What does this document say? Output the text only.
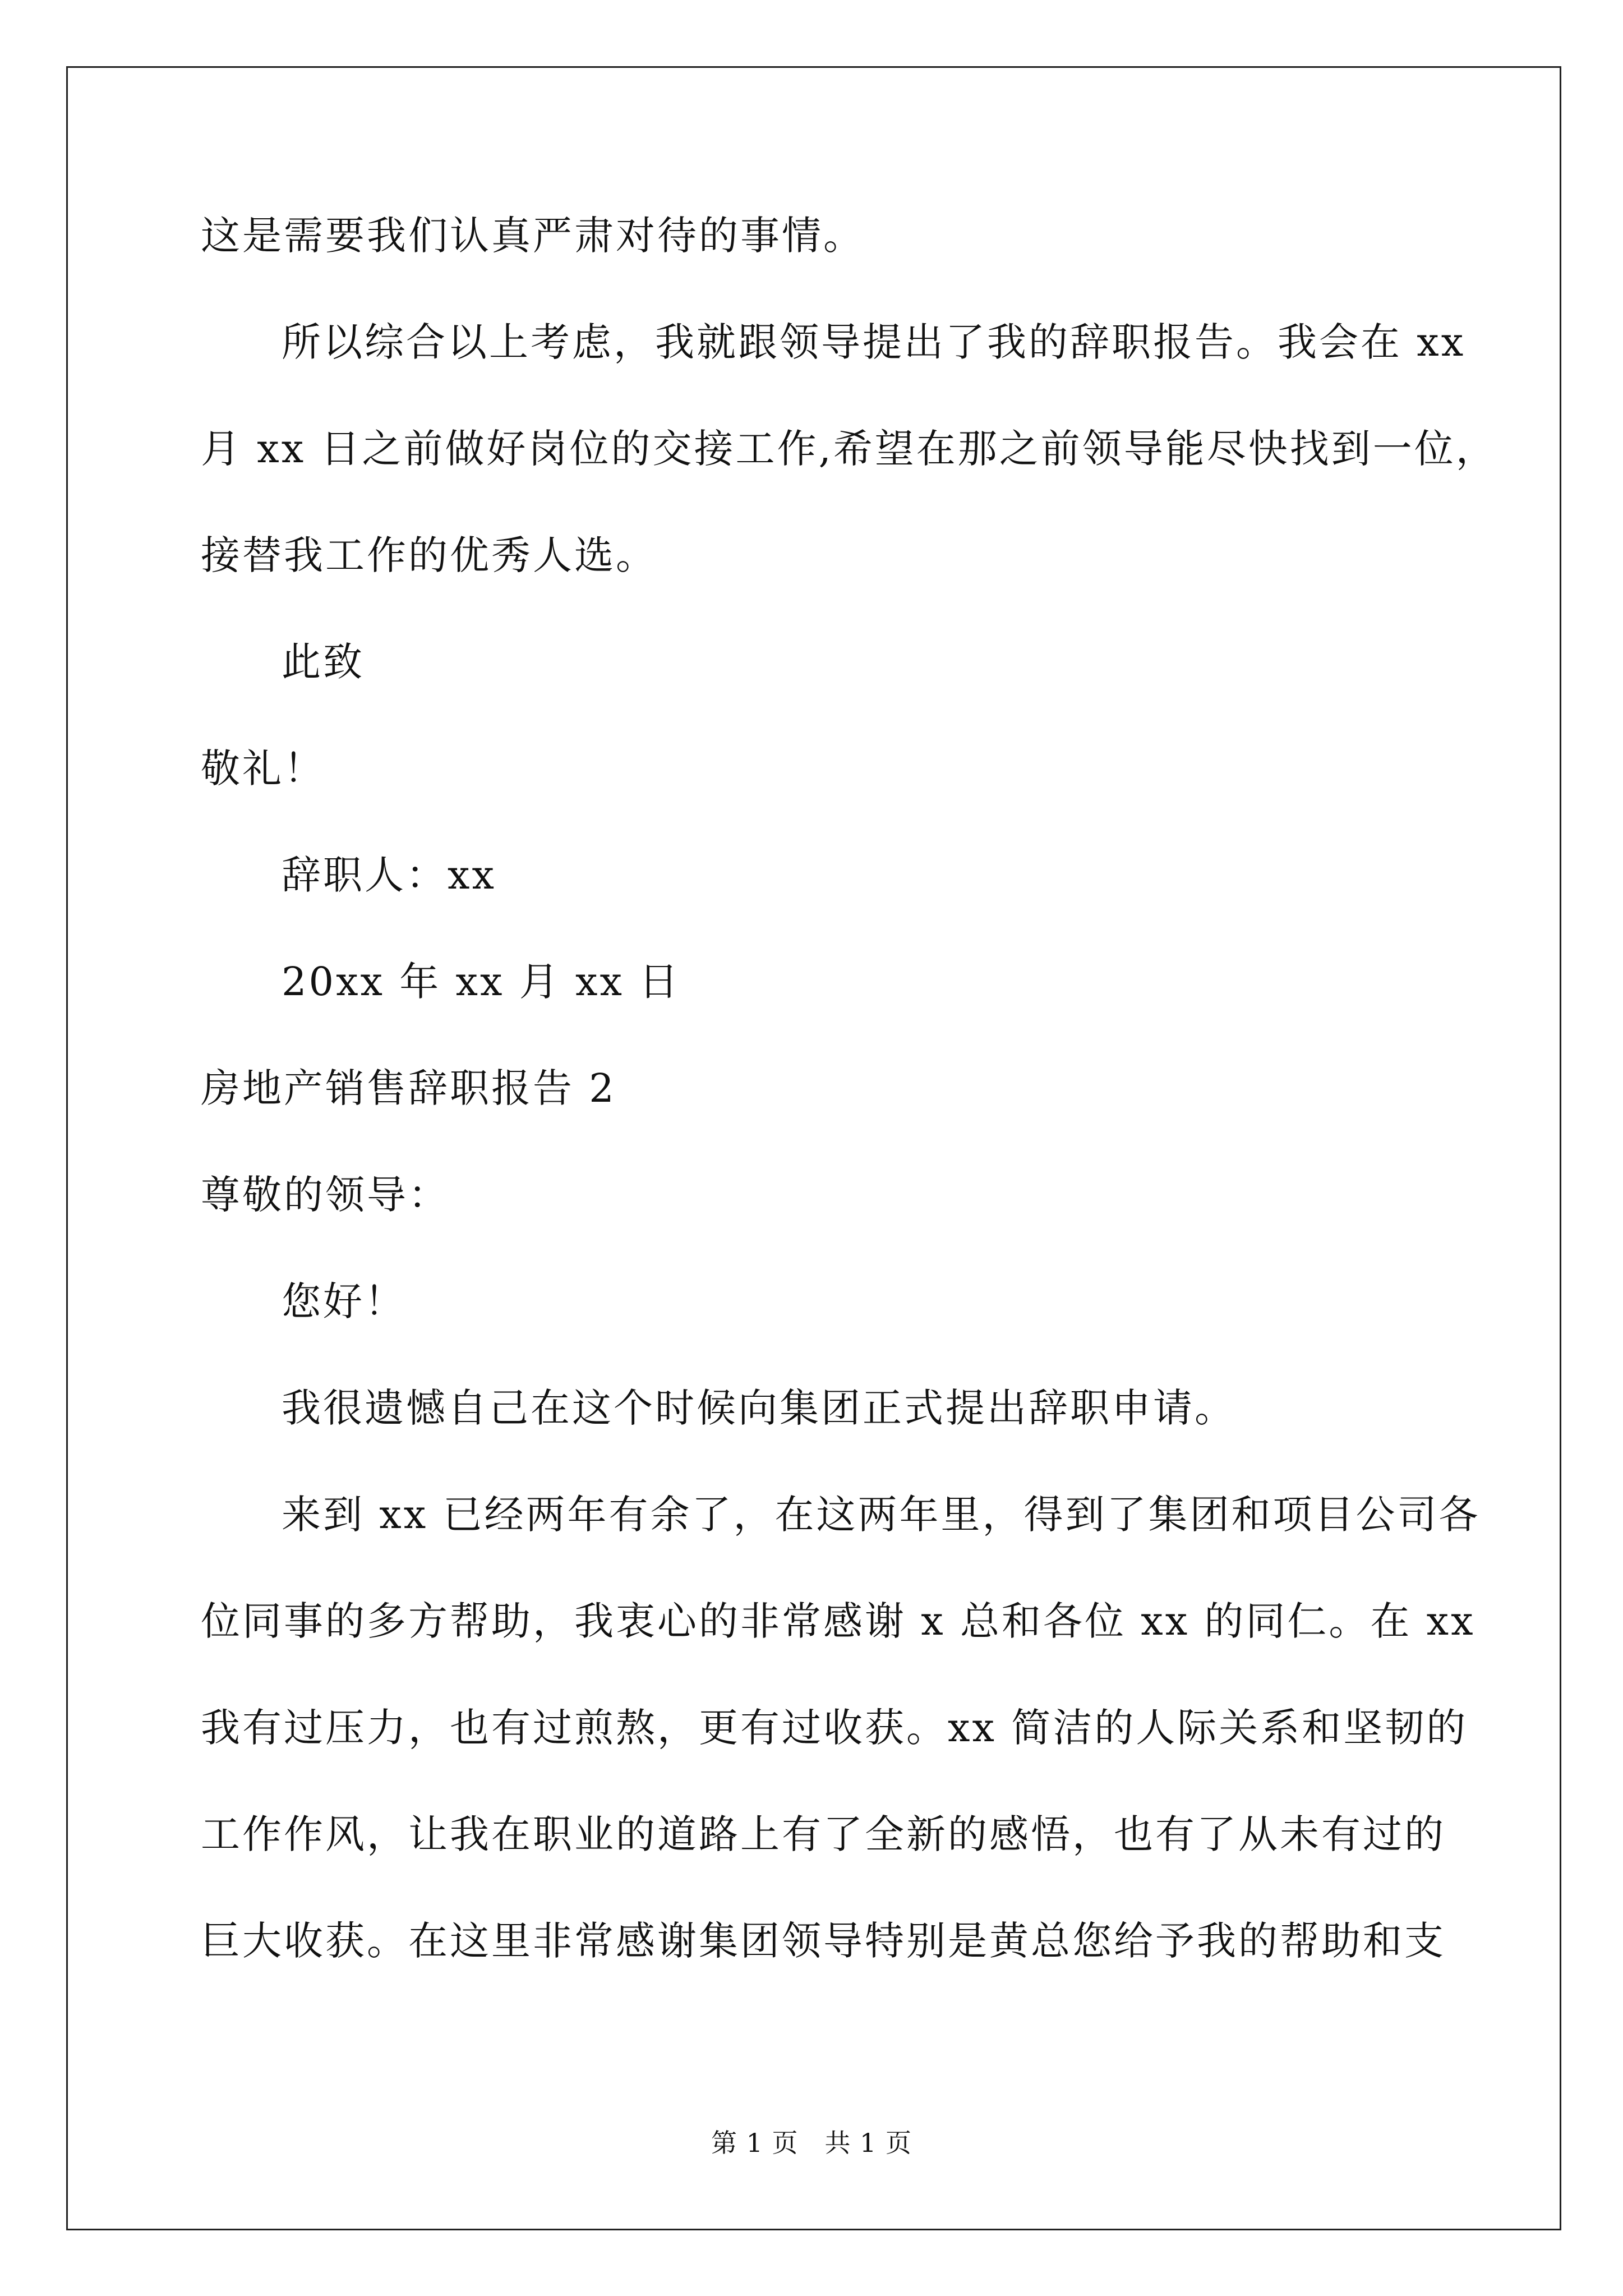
这是需要我们认真严肃对待的事情。
所以综合以上考虑，我就跟领导提出了我的辞职报告。我会在 xx
月 xx 日之前做好岗位的交接工作,希望在那之前领导能尽快找到一位，
接替我工作的优秀人选。
此致
敬礼！
辞职人：xx
20xx 年 xx 月 xx 日
房地产销售辞职报告 2
尊敬的领导：
您好！
我很遗憾自己在这个时候向集团正式提出辞职申请。
来到 xx 已经两年有余了，在这两年里，得到了集团和项目公司各
位同事的多方帮助，我衷心的非常感谢 x 总和各位 xx 的同仁。在 xx
我有过压力，也有过煎熬，更有过收获。xx 简洁的人际关系和坚韧的
工作作风，让我在职业的道路上有了全新的感悟，也有了从未有过的
巨大收获。在这里非常感谢集团领导特别是黄总您给予我的帮助和支
第 1 页 共 1 页
